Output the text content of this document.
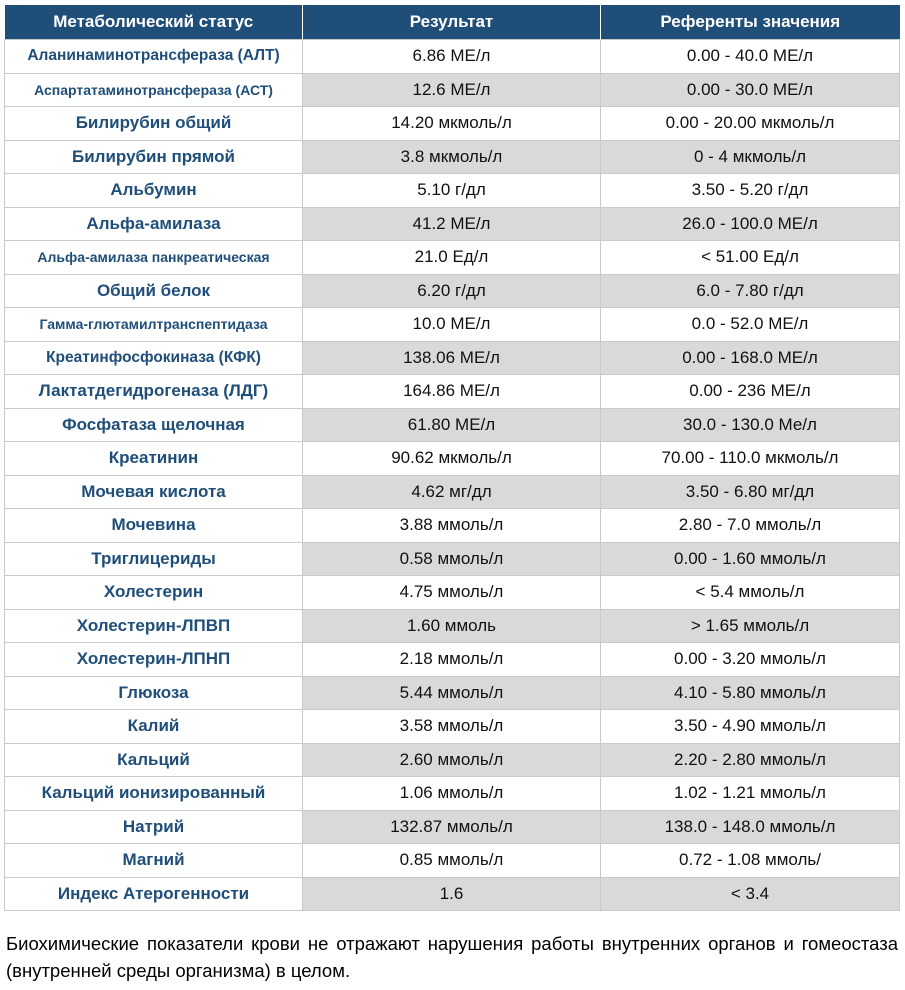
Метаболический статус	Результат	Референты значения
Аланинаминотрансфераза (АЛТ)	6.86 МЕ/л	0.00 - 40.0 МЕ/л
Аспартатаминотрансфераза (АСТ)	12.6 МЕ/л	0.00 - 30.0 МЕ/л
Билирубин общий	14.20 мкмоль/л	0.00 - 20.00 мкмоль/л
Билирубин прямой	3.8 мкмоль/л	0 - 4 мкмоль/л
Альбумин	5.10 г/дл	3.50 - 5.20 г/дл
Альфа-амилаза	41.2 МЕ/л	26.0 - 100.0 МЕ/л
Альфа-амилаза панкреатическая	21.0 Ед/л	< 51.00 Ед/л
Общий белок	6.20 г/дл	6.0 - 7.80 г/дл
Гамма-глютамилтранспептидаза	10.0 МЕ/л	0.0 - 52.0 МЕ/л
Креатинфосфокиназа (КФК)	138.06 МЕ/л	0.00 - 168.0 МЕ/л
Лактатдегидрогеназа (ЛДГ)	164.86 МЕ/л	0.00 - 236 МЕ/л
Фосфатаза щелочная	61.80 МЕ/л	30.0 - 130.0 Ме/л
Креатинин	90.62 мкмоль/л	70.00 - 110.0 мкмоль/л
Мочевая кислота	4.62 мг/дл	3.50 - 6.80 мг/дл
Мочевина	3.88 ммоль/л	2.80 - 7.0 ммоль/л
Триглицериды	0.58 ммоль/л	0.00 - 1.60 ммоль/л
Холестерин	4.75 ммоль/л	< 5.4 ммоль/л
Холестерин-ЛПВП	1.60 ммоль	> 1.65 ммоль/л
Холестерин-ЛПНП	2.18 ммоль/л	0.00 - 3.20 ммоль/л
Глюкоза	5.44 ммоль/л	4.10 - 5.80 ммоль/л
Калий	3.58 ммоль/л	3.50 - 4.90 ммоль/л
Кальций	2.60 ммоль/л	2.20 - 2.80 ммоль/л
Кальций ионизированный	1.06 ммоль/л	1.02 - 1.21 ммоль/л
Натрий	132.87 ммоль/л	138.0 - 148.0 ммоль/л
Магний	0.85 ммоль/л	0.72 - 1.08 ммоль/
Индекс Атерогенности	1.6	< 3.4
Биохимические показатели крови не отражают нарушения работы внутренних органов и гомеостаза (внутренней среды организма) в целом.
